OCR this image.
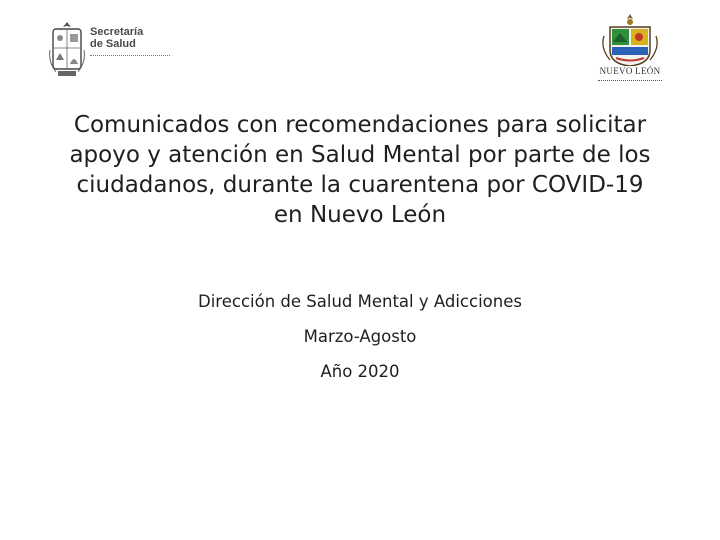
Secretaría
de Salud
NUEVO LEÓN
Comunicados con recomendaciones para solicitar apoyo y atención en Salud Mental por parte de los ciudadanos, durante la cuarentena por COVID-19 en Nuevo León
Dirección de Salud Mental y Adicciones
Marzo-Agosto
Año 2020
